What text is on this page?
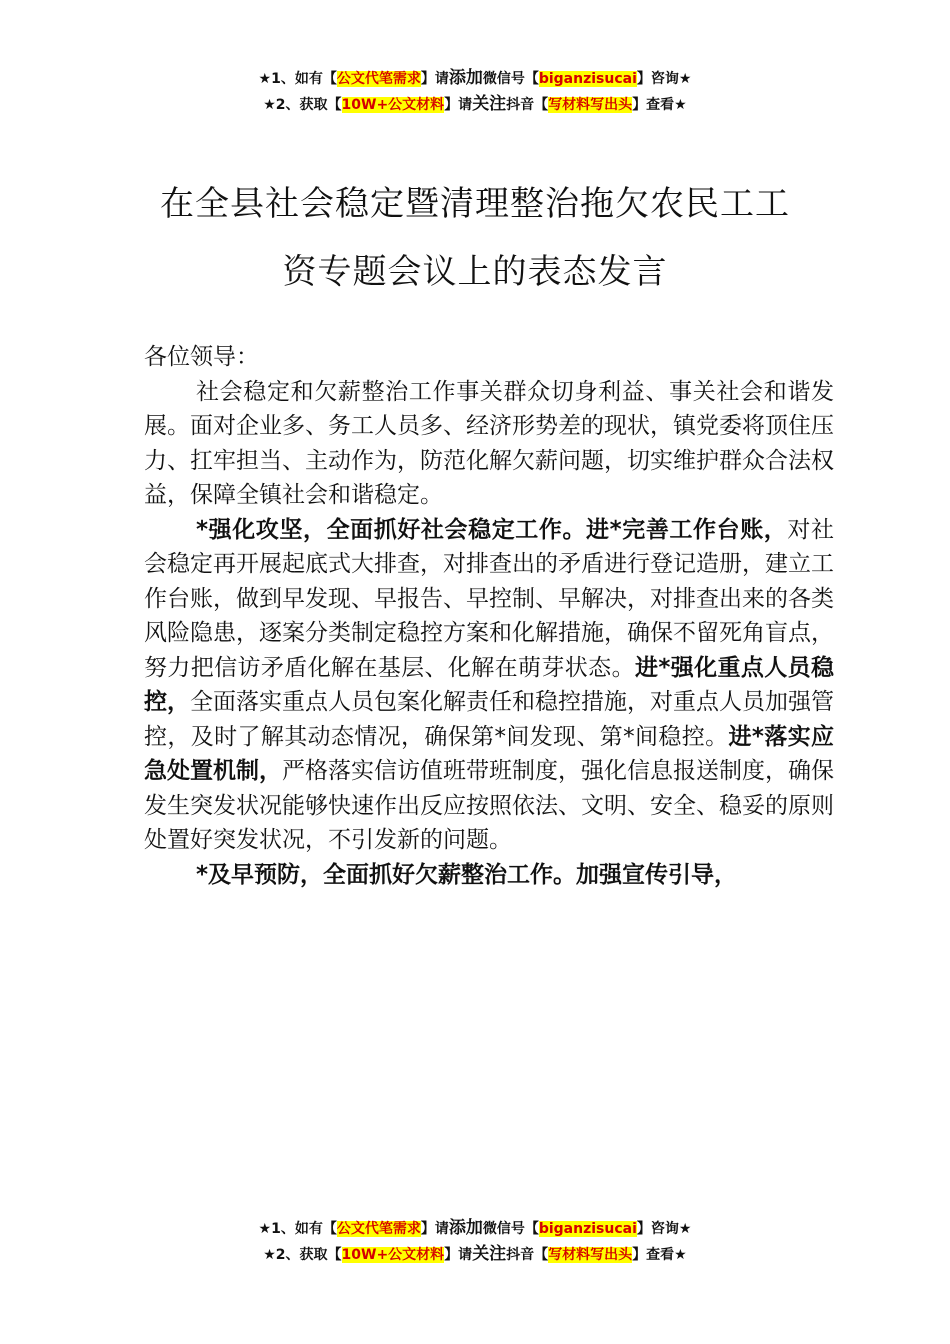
★1、如有【公文代笔需求】请添加微信号【biganzisucai】咨询★
★2、获取【10W+公文材料】请关注抖音【写材料写出头】查看★
在全县社会稳定暨清理整治拖欠农民工工
资专题会议上的表态发言

各位领导：

社会稳定和欠薪整治工作事关群众切身利益、事关社会和谐发展。面对企业多、务工人员多、经济形势差的现状，镇党委将顶住压力、扛牢担当、主动作为，防范化解欠薪问题，切实维护群众合法权益，保障全镇社会和谐稳定。

*强化攻坚，全面抓好社会稳定工作。进*完善工作台账，对社会稳定再开展起底式大排查，对排查出的矛盾进行登记造册，建立工作台账，做到早发现、早报告、早控制、早解决，对排查出来的各类风险隐患，逐案分类制定稳控方案和化解措施，确保不留死角盲点，努力把信访矛盾化解在基层、化解在萌芽状态。进*强化重点人员稳控，全面落实重点人员包案化解责任和稳控措施，对重点人员加强管控，及时了解其动态情况，确保第*间发现、第*间稳控。进*落实应急处置机制，严格落实信访值班带班制度，强化信息报送制度，确保发生突发状况能够快速作出反应按照依法、文明、安全、稳妥的原则处置好突发状况，不引发新的问题。

*及早预防，全面抓好欠薪整治工作。加强宣传引导，

★1、如有【公文代笔需求】请添加微信号【biganzisucai】咨询★
★2、获取【10W+公文材料】请关注抖音【写材料写出头】查看★
